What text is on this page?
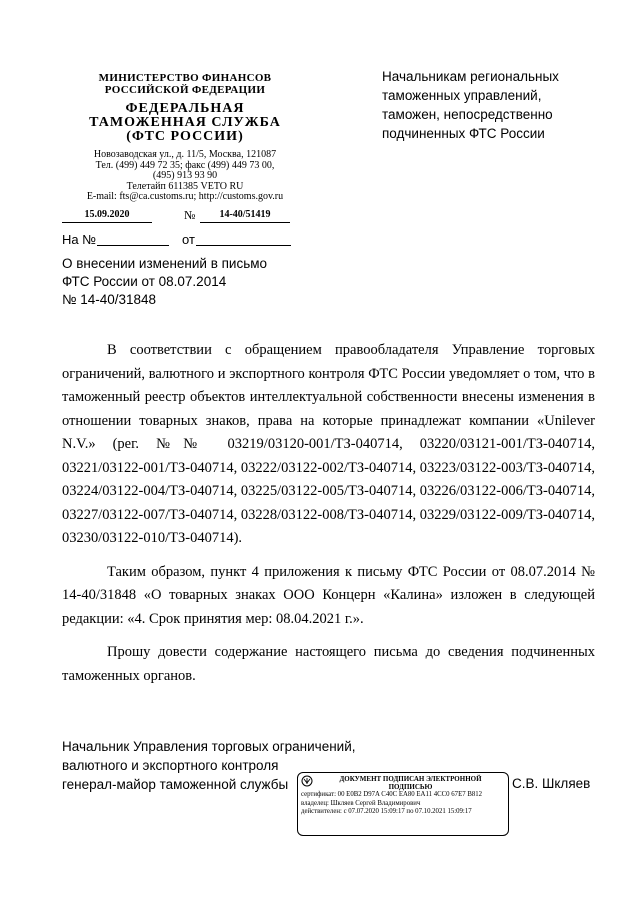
МИНИСТЕРСТВО ФИНАНСОВ
РОССИЙСКОЙ ФЕДЕРАЦИИ
ФЕДЕРАЛЬНАЯ
ТАМОЖЕННАЯ СЛУЖБА
(ФТС РОССИИ)
Новозаводская ул., д. 11/5, Москва, 121087
Тел. (499) 449 72 35; факс (499) 449 73 00,
(495) 913 93 90
Телетайп 611385 VETO RU
E-mail: fts@ca.customs.ru; http://customs.gov.ru
15.09.2020	№	14-40/51419
На №	от
Начальникам региональных
таможенных управлений,
таможен, непосредственно
подчиненных ФТС России
О внесении изменений в письмо
ФТС России от 08.07.2014
№ 14-40/31848

В соответствии с обращением правообладателя Управление торговых ограничений, валютного и экспортного контроля ФТС России уведомляет о том, что в таможенный реестр объектов интеллектуальной собственности внесены изменения в отношении товарных знаков, права на которые принадлежат компании «Unilever N.V.» (рег. №№ 03219/03120-001/ТЗ-040714, 03220/03121-001/ТЗ-040714, 03221/03122-001/ТЗ-040714, 03222/03122-002/ТЗ-040714, 03223/03122-003/ТЗ-040714, 03224/03122-004/ТЗ-040714, 03225/03122-005/ТЗ-040714, 03226/03122-006/ТЗ-040714, 03227/03122-007/ТЗ-040714, 03228/03122-008/ТЗ-040714, 03229/03122-009/ТЗ-040714, 03230/03122-010/ТЗ-040714).

Таким образом, пункт 4 приложения к письму ФТС России от 08.07.2014 № 14-40/31848 «О товарных знаках ООО Концерн «Калина» изложен в следующей редакции: «4. Срок принятия мер: 08.04.2021 г.».

Прошу довести содержание настоящего письма до сведения подчиненных таможенных органов.

Начальник Управления торговых ограничений,
валютного и экспортного контроля
генерал-майор таможенной службы	ДОКУМЕНТ ПОДПИСАН ЭЛЕКТРОННОЙ
ПОДПИСЬЮ
сертификат: 00 E0B2 D97A C40C EA80 EA11 4CC0 67E7 B812
владелец: Шкляев Сергей Владимирович
действителен: с 07.07.2020 15:09:17 по 07.10.2021 15:09:17
С.В. Шкляев
